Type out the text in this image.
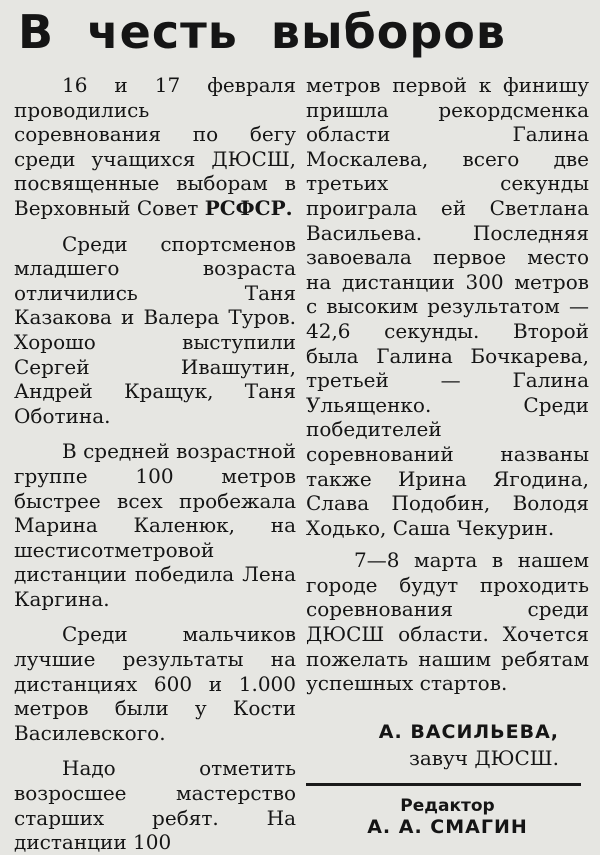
В честь выборов

16 и 17 февраля проводились соревнования по бегу среди учащихся ДЮСШ, посвященные выборам в Верховный Совет РСФСР.

Среди спортсменов младшего возраста отличились Таня Казакова и Валера Туров. Хорошо выступили Сергей Ивашутин, Андрей Кращук, Таня Оботина.

В средней возрастной группе 100 метров быстрее всех пробежала Марина Каленюк, на шестисотметровой дистанции победила Лена Каргина.

Среди мальчиков лучшие результаты на дистанциях 600 и 1.000 метров были у Кости Василевского.

Надо отметить возросшее мастерство старших ребят. На дистанции 100

метров первой к финишу пришла рекордсменка области Галина Москалева, всего две третьих секунды проиграла ей Светлана Васильева. Последняя завоевала первое место на дистанции 300 метров с высоким результатом — 42,6 секунды. Второй была Галина Бочкарева, третьей — Галина Ульященко. Среди победителей соревнований названы также Ирина Ягодина, Слава Подобин, Володя Ходько, Саша Чекурин.

7—8 марта в нашем городе будут проходить соревнования среди ДЮСШ области. Хочется пожелать нашим ребятам успешных стартов.

А. ВАСИЛЬЕВА,

завуч ДЮСШ.

Редактор

А. А. СМАГИН
